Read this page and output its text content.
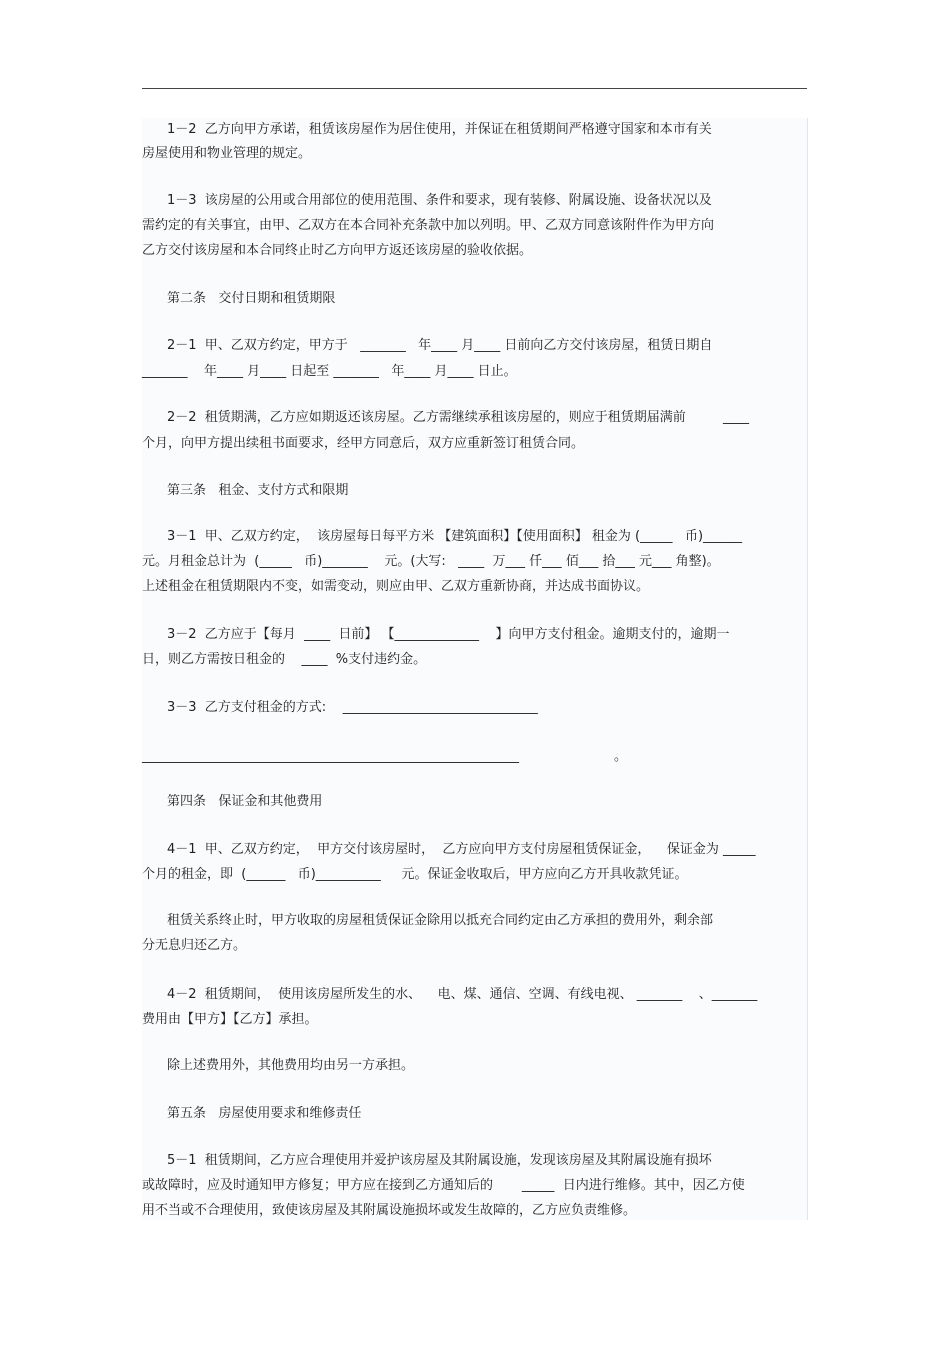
1－2  乙方向甲方承诺，租赁该房屋作为居住使用，并保证在租赁期间严格遵守国家和本市有关
房屋使用和物业管理的规定。
1－3  该房屋的公用或合用部位的使用范围、条件和要求，现有装修、附属设施、设备状况以及
需约定的有关事宜，由甲、乙双方在本合同补充条款中加以列明。甲、乙双方同意该附件作为甲方向
乙方交付该房屋和本合同终止时乙方向甲方返还该房屋的验收依据。
第二条   交付日期和租赁期限
2－1  甲、乙双方约定，甲方于   _______   年____ 月____ 日前向乙方交付该房屋，租赁日期自
_______    年____ 月____ 日起至 _______   年____ 月____ 日止。
2－2  租赁期满，乙方应如期返还该房屋。乙方需继续承租该房屋的，则应于租赁期届满前         ____
个月，向甲方提出续租书面要求，经甲方同意后，双方应重新签订租赁合同。
第三条   租金、支付方式和限期
3－1  甲、乙双方约定，  该房屋每日每平方米 【建筑面积】【使用面积】 租金为 (_____   币)______
元。月租金总计为  (_____   币)_______    元。(大写:   ____  万___ 仟___ 佰___ 拾___ 元___ 角整)。
上述租金在租赁期限内不变，如需变动，则应由甲、乙双方重新协商，并达成书面协议。
3－2  乙方应于【每月  ____  日前】 【_____________    】向甲方支付租金。逾期支付的，逾期一
日，则乙方需按日租金的    ____  %支付违约金。
3－3  乙方支付租金的方式:    ______________________________
__________________________________________________________                       。
第四条   保证金和其他费用
4－1  甲、乙双方约定，  甲方交付该房屋时，  乙方应向甲方支付房屋租赁保证金，    保证金为 _____
个月的租金，即  (______   币)__________     元。保证金收取后，甲方应向乙方开具收款凭证。
租赁关系终止时，甲方收取的房屋租赁保证金除用以抵充合同约定由乙方承担的费用外，剩余部
分无息归还乙方。
4－2  租赁期间，  使用该房屋所发生的水、    电、煤、通信、空调、有线电视、 _______    、_______
费用由【甲方】【乙方】承担。
除上述费用外，其他费用均由另一方承担。
第五条   房屋使用要求和维修责任
5－1  租赁期间，乙方应合理使用并爱护该房屋及其附属设施，发现该房屋及其附属设施有损坏
或故障时，应及时通知甲方修复；甲方应在接到乙方通知后的       _____  日内进行维修。其中，因乙方使
用不当或不合理使用，致使该房屋及其附属设施损坏或发生故障的，乙方应负责维修。
